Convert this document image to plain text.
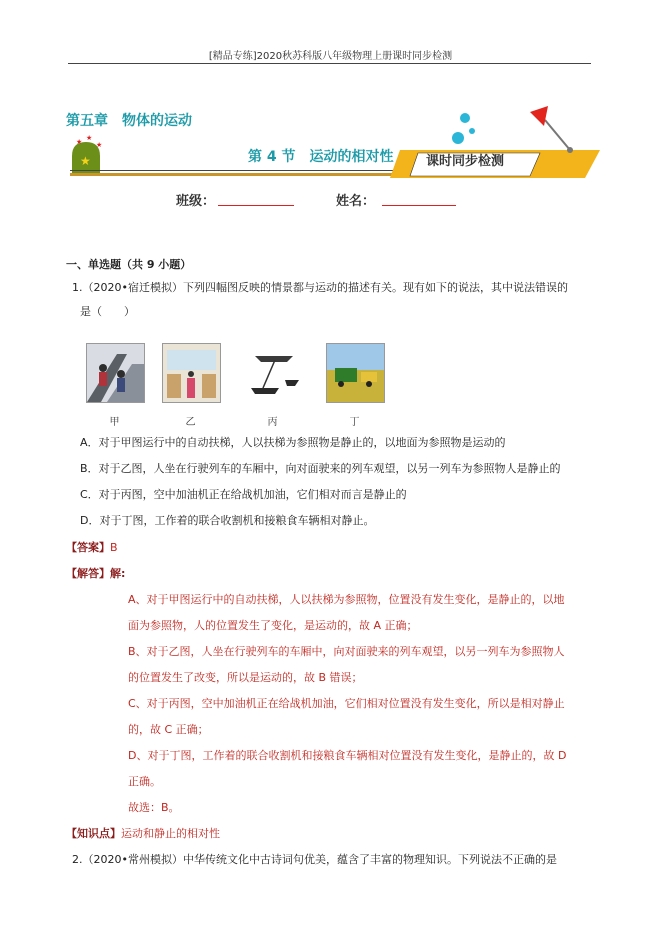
[精品专练]2020秋苏科版八年级物理上册课时同步检测
★
★ ★
★
第五章　物体的运动
第 4 节　运动的相对性	课时同步检测
班级：	姓名：
一、单选题（共 9 小题）
1.（2020•宿迁模拟）下列四幅图反映的情景都与运动的描述有关。现有如下的说法，其中说法错误的
是（　　）
甲	乙	丙	丁
A．对于甲图运行中的自动扶梯，人以扶梯为参照物是静止的，以地面为参照物是运动的
B．对于乙图，人坐在行驶列车的车厢中，向对面驶来的列车观望，以另一列车为参照物人是静止的
C．对于丙图，空中加油机正在给战机加油，它们相对而言是静止的
D．对于丁图，工作着的联合收割机和接粮食车辆相对静止。
【答案】B
【解答】解:
A、对于甲图运行中的自动扶梯，人以扶梯为参照物，位置没有发生变化，是静止的，以地
面为参照物，人的位置发生了变化，是运动的，故 A 正确；
B、对于乙图，人坐在行驶列车的车厢中，向对面驶来的列车观望，以另一列车为参照物人
的位置发生了改变，所以是运动的，故 B 错误；
C、对于丙图，空中加油机正在给战机加油，它们相对位置没有发生变化，所以是相对静止
的，故 C 正确；
D、对于丁图，工作着的联合收割机和接粮食车辆相对位置没有发生变化，是静止的，故 D
正确。
故选：B。
【知识点】运动和静止的相对性
2.（2020•常州模拟）中华传统文化中古诗词句优美，蕴含了丰富的物理知识。下列说法不正确的是
